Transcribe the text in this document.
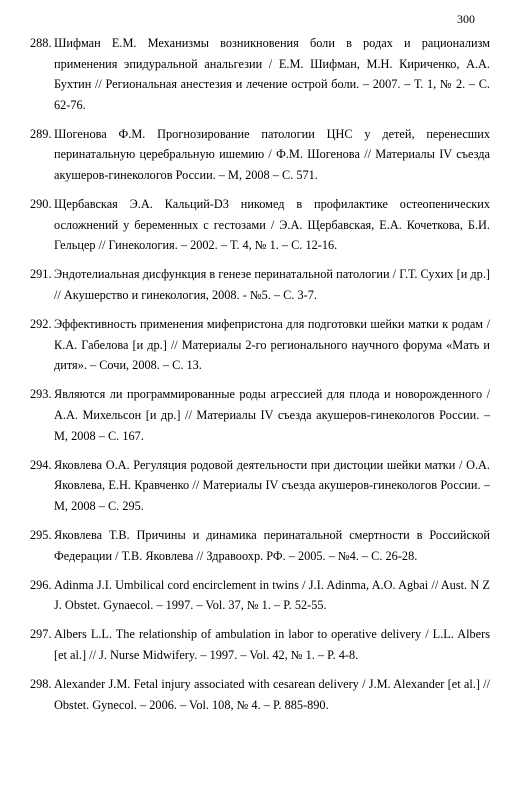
300
288. Шифман Е.М. Механизмы возникновения боли в родах и рационализм применения эпидуральной анальгезии / Е.М. Шифман, М.Н. Кириченко, А.А. Бухтин // Региональная анестезия и лечение острой боли. – 2007. – Т. 1, № 2. – С. 62-76.
289. Шогенова Ф.М. Прогнозирование патологии ЦНС у детей, перенесших перинатальную церебральную ишемию / Ф.М. Шогенова // Материалы IV съезда акушеров-гинекологов России. – М, 2008 – С. 571.
290. Щербавская Э.А. Кальций-D3 никомед в профилактике остеопенических осложнений у беременных с гестозами / Э.А. Щербавская, Е.А. Кочеткова, Б.И. Гельцер // Гинекология. – 2002. – Т. 4, № 1. – С. 12-16.
291. Эндотелиальная дисфункция в генезе перинатальной патологии / Г.Т. Сухих [и др.] // Акушерство и гинекология, 2008. - №5. – С. 3-7.
292. Эффективность применения мифепристона для подготовки шейки матки к родам / К.А. Габелова [и др.] // Материалы 2-го регионального научного форума «Мать и дитя». – Сочи, 2008. – С. 13.
293. Являются ли программированные роды агрессией для плода и новорожденного / А.А. Михельсон [и др.] // Материалы IV съезда акушеров-гинекологов России. – М, 2008 – С. 167.
294. Яковлева О.А. Регуляция родовой деятельности при дистоции шейки матки / О.А. Яковлева, Е.Н. Кравченко // Материалы IV съезда акушеров-гинекологов России. – М, 2008 – С. 295.
295. Яковлева Т.В. Причины и динамика перинатальной смертности в Российской Федерации / Т.В. Яковлева // Здравоохр. РФ. – 2005. – №4. – С. 26-28.
296. Adinma J.I. Umbilical cord encirclement in twins / J.I. Adinma, A.O. Agbai // Aust. N Z J. Obstet. Gynaecol. – 1997. – Vol. 37, № 1. – P. 52-55.
297. Albers L.L. The relationship of ambulation in labor to operative delivery / L.L. Albers [et al.] // J. Nurse Midwifery. – 1997. – Vol. 42, № 1. – P. 4-8.
298. Alexander J.M. Fetal injury associated with cesarean delivery / J.M. Alexander [et al.] // Obstet. Gynecol. – 2006. – Vol. 108, № 4. – P. 885-890.
